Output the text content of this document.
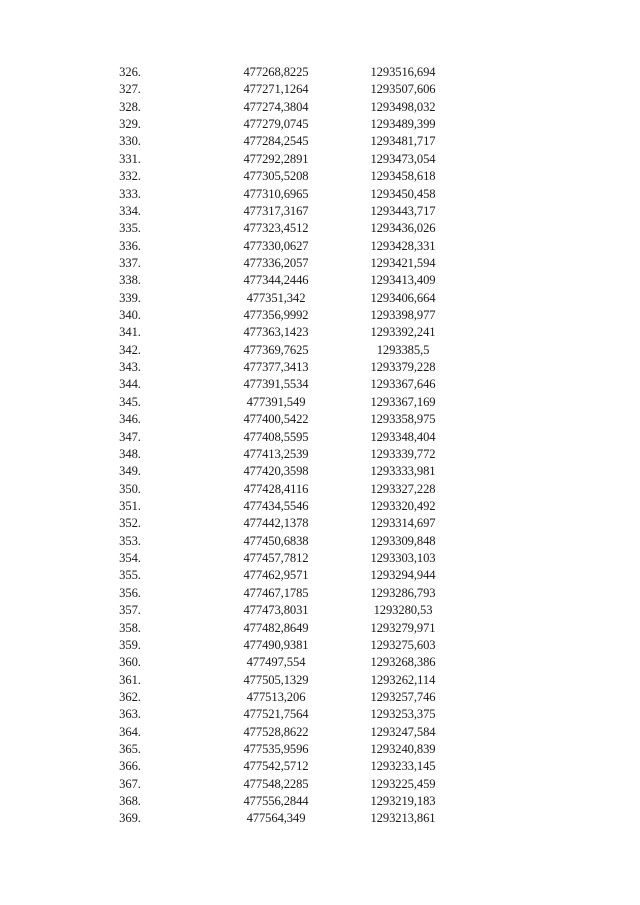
326.	477268,8225	1293516,694
327.	477271,1264	1293507,606
328.	477274,3804	1293498,032
329.	477279,0745	1293489,399
330.	477284,2545	1293481,717
331.	477292,2891	1293473,054
332.	477305,5208	1293458,618
333.	477310,6965	1293450,458
334.	477317,3167	1293443,717
335.	477323,4512	1293436,026
336.	477330,0627	1293428,331
337.	477336,2057	1293421,594
338.	477344,2446	1293413,409
339.	477351,342	1293406,664
340.	477356,9992	1293398,977
341.	477363,1423	1293392,241
342.	477369,7625	1293385,5
343.	477377,3413	1293379,228
344.	477391,5534	1293367,646
345.	477391,549	1293367,169
346.	477400,5422	1293358,975
347.	477408,5595	1293348,404
348.	477413,2539	1293339,772
349.	477420,3598	1293333,981
350.	477428,4116	1293327,228
351.	477434,5546	1293320,492
352.	477442,1378	1293314,697
353.	477450,6838	1293309,848
354.	477457,7812	1293303,103
355.	477462,9571	1293294,944
356.	477467,1785	1293286,793
357.	477473,8031	1293280,53
358.	477482,8649	1293279,971
359.	477490,9381	1293275,603
360.	477497,554	1293268,386
361.	477505,1329	1293262,114
362.	477513,206	1293257,746
363.	477521,7564	1293253,375
364.	477528,8622	1293247,584
365.	477535,9596	1293240,839
366.	477542,5712	1293233,145
367.	477548,2285	1293225,459
368.	477556,2844	1293219,183
369.	477564,349	1293213,861
